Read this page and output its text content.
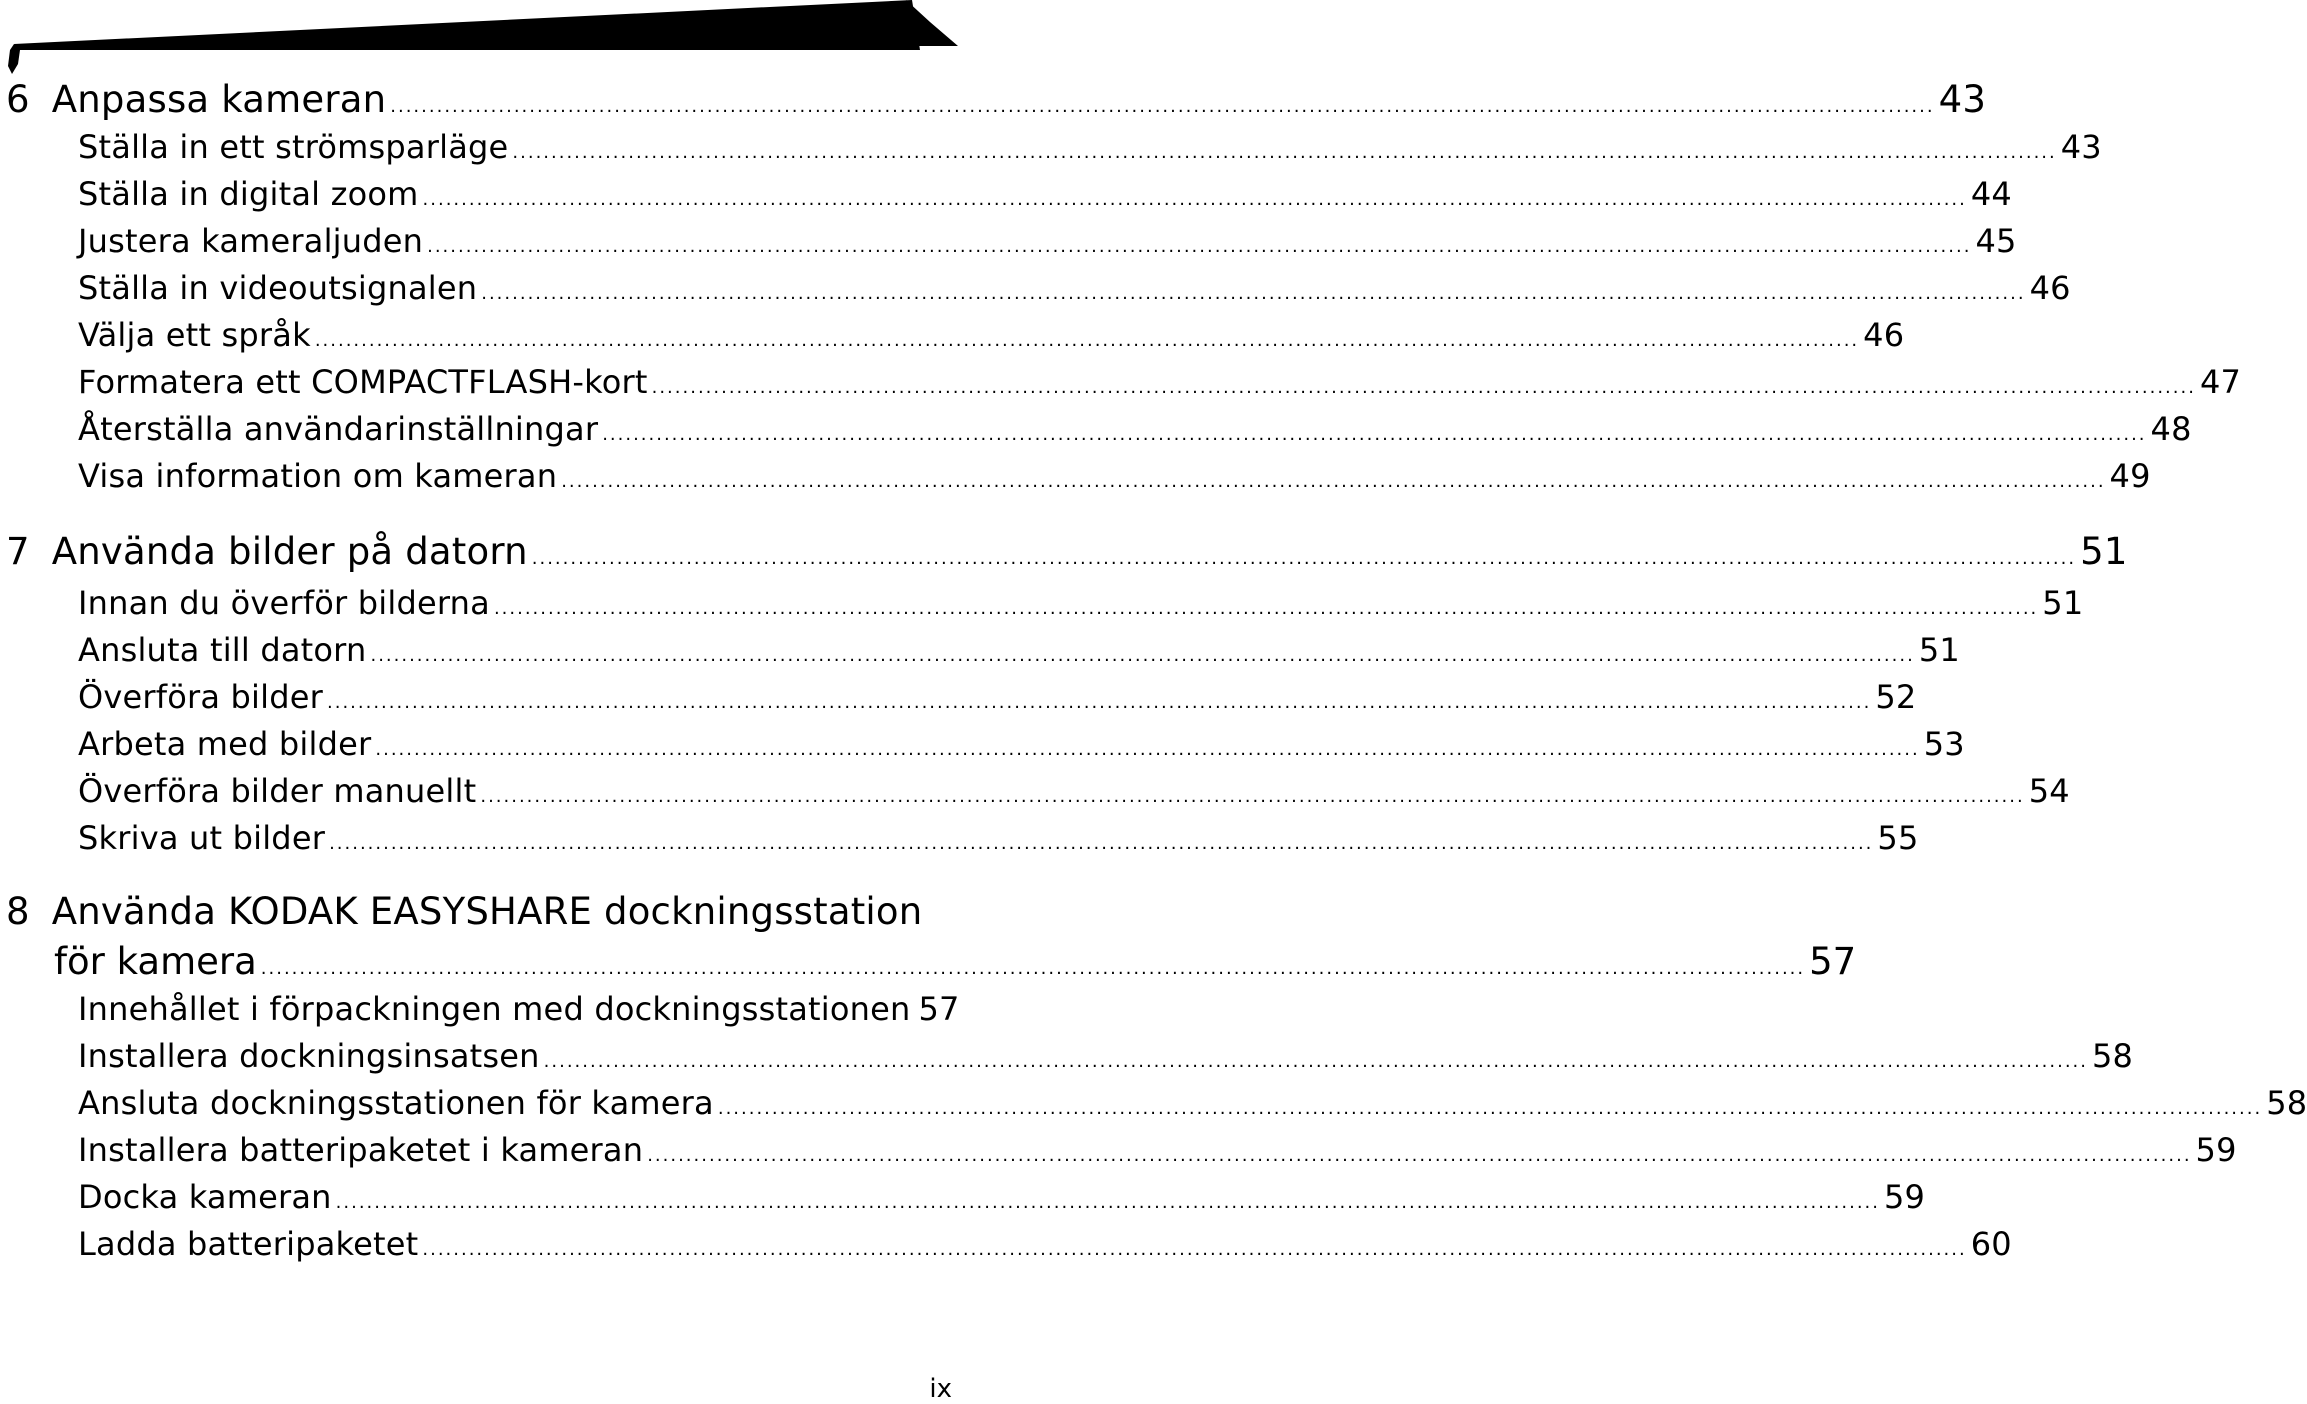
6 Anpassa kameran ........................................................................................................................................................................................................ 43
Ställa in ett strömsparläge ........................................................................................................................................................................................................ 43
Ställa in digital zoom ........................................................................................................................................................................................................ 44
Justera kameraljuden ........................................................................................................................................................................................................ 45
Ställa in videoutsignalen ........................................................................................................................................................................................................ 46
Välja ett språk ........................................................................................................................................................................................................ 46
Formatera ett COMPACTFLASH-kort ........................................................................................................................................................................................................ 47
Återställa användarinställningar ........................................................................................................................................................................................................ 48
Visa information om kameran ........................................................................................................................................................................................................ 49
7 Använda bilder på datorn ........................................................................................................................................................................................................ 51
Innan du överför bilderna ........................................................................................................................................................................................................ 51
Ansluta till datorn ........................................................................................................................................................................................................ 51
Överföra bilder ........................................................................................................................................................................................................ 52
Arbeta med bilder ........................................................................................................................................................................................................ 53
Överföra bilder manuellt ........................................................................................................................................................................................................ 54
Skriva ut bilder ........................................................................................................................................................................................................ 55
8 Använda KODAK EASYSHARE dockningsstation
för kamera ........................................................................................................................................................................................................ 57
Innehållet i förpackningen med dockningsstationen 57
Installera dockningsinsatsen ........................................................................................................................................................................................................ 58
Ansluta dockningsstationen för kamera ........................................................................................................................................................................................................ 58
Installera batteripaketet i kameran ........................................................................................................................................................................................................ 59
Docka kameran ........................................................................................................................................................................................................ 59
Ladda batteripaketet ........................................................................................................................................................................................................ 60
ix
